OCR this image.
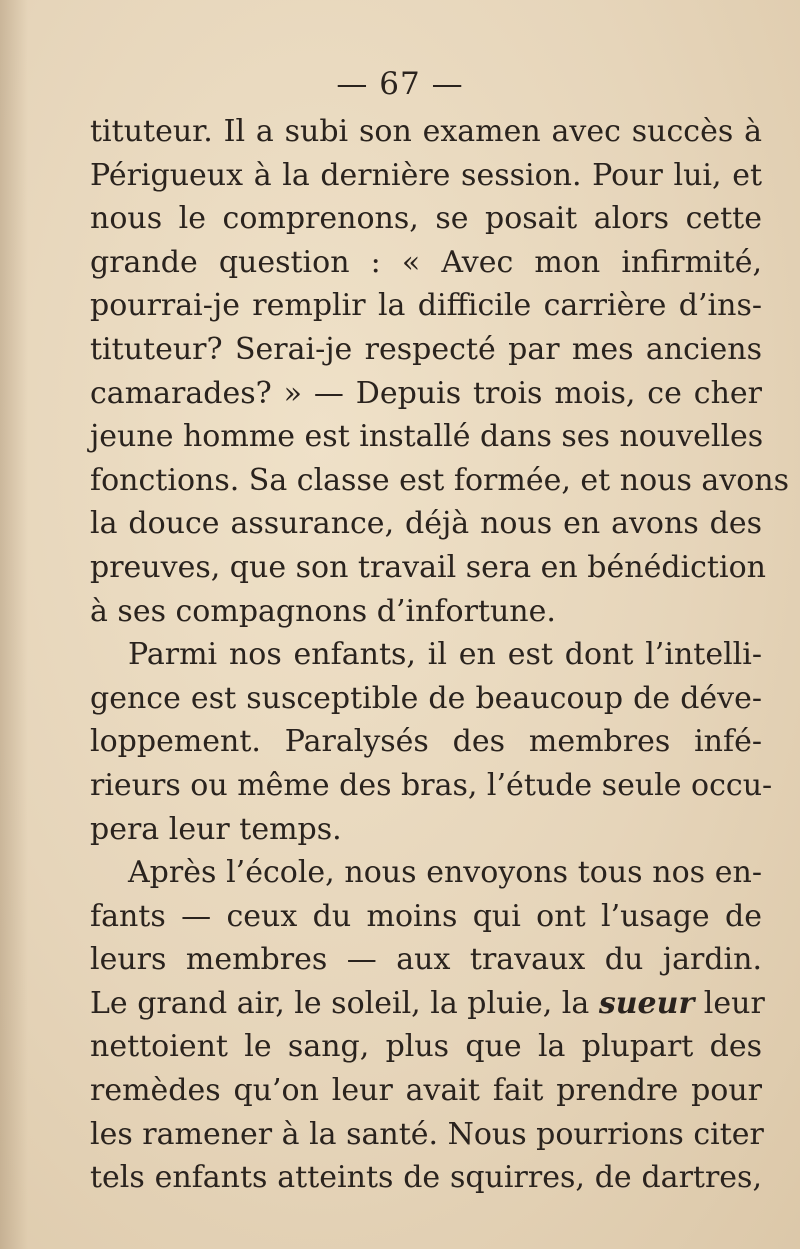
— 67 —
tituteur. Il a subi son examen avec succès à
Périgueux à la dernière session. Pour lui, et
nous le comprenons, se posait alors cette
grande question : « Avec mon infirmité,
pourrai-je remplir la difficile carrière d’ins-
tituteur? Serai-je respecté par mes anciens
camarades? » — Depuis trois mois, ce cher
jeune homme est installé dans ses nouvelles
fonctions. Sa classe est formée, et nous avons
la douce assurance, déjà nous en avons des
preuves, que son travail sera en bénédiction
à ses compagnons d’infortune.
Parmi nos enfants, il en est dont l’intelli-
gence est susceptible de beaucoup de déve-
loppement. Paralysés des membres infé-
rieurs ou même des bras, l’étude seule occu-
pera leur temps.
Après l’école, nous envoyons tous nos en-
fants — ceux du moins qui ont l’usage de
leurs membres — aux travaux du jardin.
Le grand air, le soleil, la pluie, la sueur leur
nettoient le sang, plus que la plupart des
remèdes qu’on leur avait fait prendre pour
les ramener à la santé. Nous pourrions citer
tels enfants atteints de squirres, de dartres,
